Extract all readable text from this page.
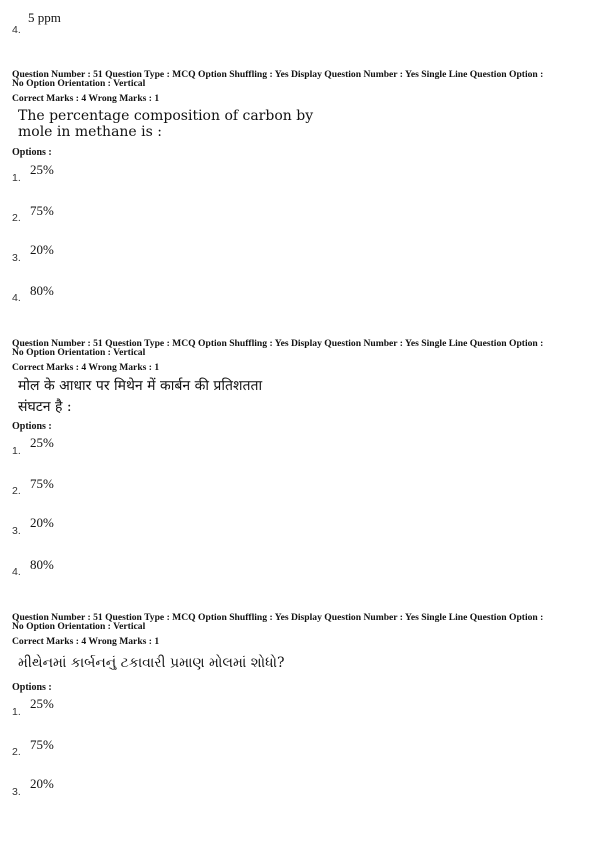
4.
5 ppm
Question Number : 51 Question Type : MCQ Option Shuffling : Yes Display Question Number : Yes Single Line Question Option :
No Option Orientation : Vertical
Correct Marks : 4 Wrong Marks : 1
The percentage composition of carbon by
mole in methane is :
Options :
1.
25%
2. 75%
3.
20%
4. 80%
Question Number : 51 Question Type : MCQ Option Shuffling : Yes Display Question Number : Yes Single Line Question Option :
No Option Orientation : Vertical
Correct Marks : 4 Wrong Marks : 1
मोल के आधार पर मिथेन में कार्बन की प्रतिशतता
संघटन है :
Options :
1.
25%
2. 75%
3.
20%
4. 80%
Question Number : 51 Question Type : MCQ Option Shuffling : Yes Display Question Number : Yes Single Line Question Option :
No Option Orientation : Vertical
Correct Marks : 4 Wrong Marks : 1
મીથેનમાં કાર્બનનું ટકાવારી પ્રમાણ મોલમાં શોધો?
Options :
1.
25%
2. 75%
3.
20%
